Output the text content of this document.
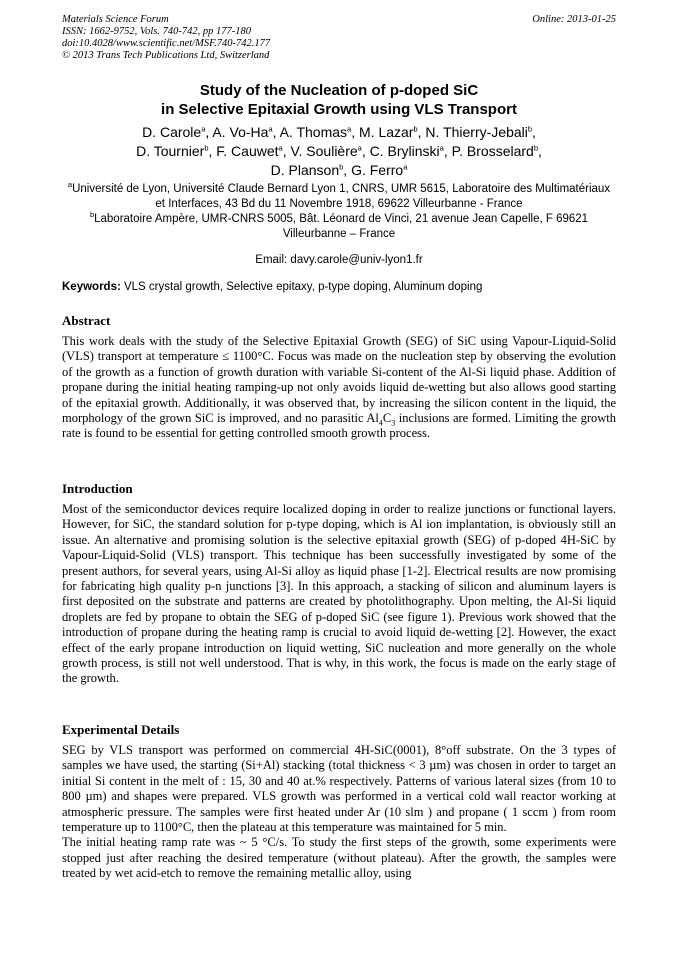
Materials Science Forum
ISSN: 1662-9752, Vols. 740-742, pp 177-180
doi:10.4028/www.scientific.net/MSF.740-742.177
© 2013 Trans Tech Publications Ltd, Switzerland
Online: 2013-01-25
Study of the Nucleation of p-doped SiC
in Selective Epitaxial Growth using VLS Transport
D. Carole$^a$, A. Vo-Ha$^a$, A. Thomas$^a$, M. Lazar$^b$, N. Thierry-Jebali$^b$,
D. Tournier$^b$, F. Cauwet$^a$, V. Soulière$^a$, C. Brylinski$^a$, P. Brosselard$^b$,
D. Planson$^b$, G. Ferro$^a$

$^a$Université de Lyon, Université Claude Bernard Lyon 1, CNRS, UMR 5615, Laboratoire des Multimatériaux et Interfaces, 43 Bd du 11 Novembre 1918, 69622 Villeurbanne - France

$^b$Laboratoire Ampère, UMR-CNRS 5005, Bât. Léonard de Vinci, 21 avenue Jean Capelle, F 69621 Villeurbanne – France

Email: davy.carole@univ-lyon1.fr
Keywords: VLS crystal growth, Selective epitaxy, p-type doping, Aluminum doping
Abstract

This work deals with the study of the Selective Epitaxial Growth (SEG) of SiC using Vapour-Liquid-Solid (VLS) transport at temperature ≤ 1100°C. Focus was made on the nucleation step by observing the evolution of the growth as a function of growth duration with variable Si-content of the Al-Si liquid phase. Addition of propane during the initial heating ramping-up not only avoids liquid de-wetting but also allows good starting of the epitaxial growth. Additionally, it was observed that, by increasing the silicon content in the liquid, the morphology of the grown SiC is improved, and no parasitic $Al_4C_3$ inclusions are formed. Limiting the growth rate is found to be essential for getting controlled smooth growth process.

Introduction

Most of the semiconductor devices require localized doping in order to realize junctions or functional layers. However, for SiC, the standard solution for p-type doping, which is Al ion implantation, is obviously still an issue. An alternative and promising solution is the selective epitaxial growth (SEG) of p-doped 4H-SiC by Vapour-Liquid-Solid (VLS) transport. This technique has been successfully investigated by some of the present authors, for several years, using Al-Si alloy as liquid phase [1-2]. Electrical results are now promising for fabricating high quality p-n junctions [3]. In this approach, a stacking of silicon and aluminum layers is first deposited on the substrate and patterns are created by photolithography. Upon melting, the Al-Si liquid droplets are fed by propane to obtain the SEG of p-doped SiC (see figure 1). Previous work showed that the introduction of propane during the heating ramp is crucial to avoid liquid de-wetting [2]. However, the exact effect of the early propane introduction on liquid wetting, SiC nucleation and more generally on the whole growth process, is still not well understood. That is why, in this work, the focus is made on the early stage of the growth.

Experimental Details

SEG by VLS transport was performed on commercial 4H-SiC(0001), 8°off substrate. On the 3 types of samples we have used, the starting (Si+Al) stacking (total thickness < 3 µm) was chosen in order to target an initial Si content in the melt of : 15, 30 and 40 at.% respectively. Patterns of various lateral sizes (from 10 to 800 µm) and shapes were prepared. VLS growth was performed in a vertical cold wall reactor working at atmospheric pressure. The samples were first heated under Ar (10 slm ) and propane ( 1 sccm ) from room temperature up to 1100°C, then the plateau at this temperature was maintained for 5 min.

The initial heating ramp rate was ~ 5 °C/s. To study the first steps of the growth, some experiments were stopped just after reaching the desired temperature (without plateau). After the growth, the samples were treated by wet acid-etch to remove the remaining metallic alloy, using
